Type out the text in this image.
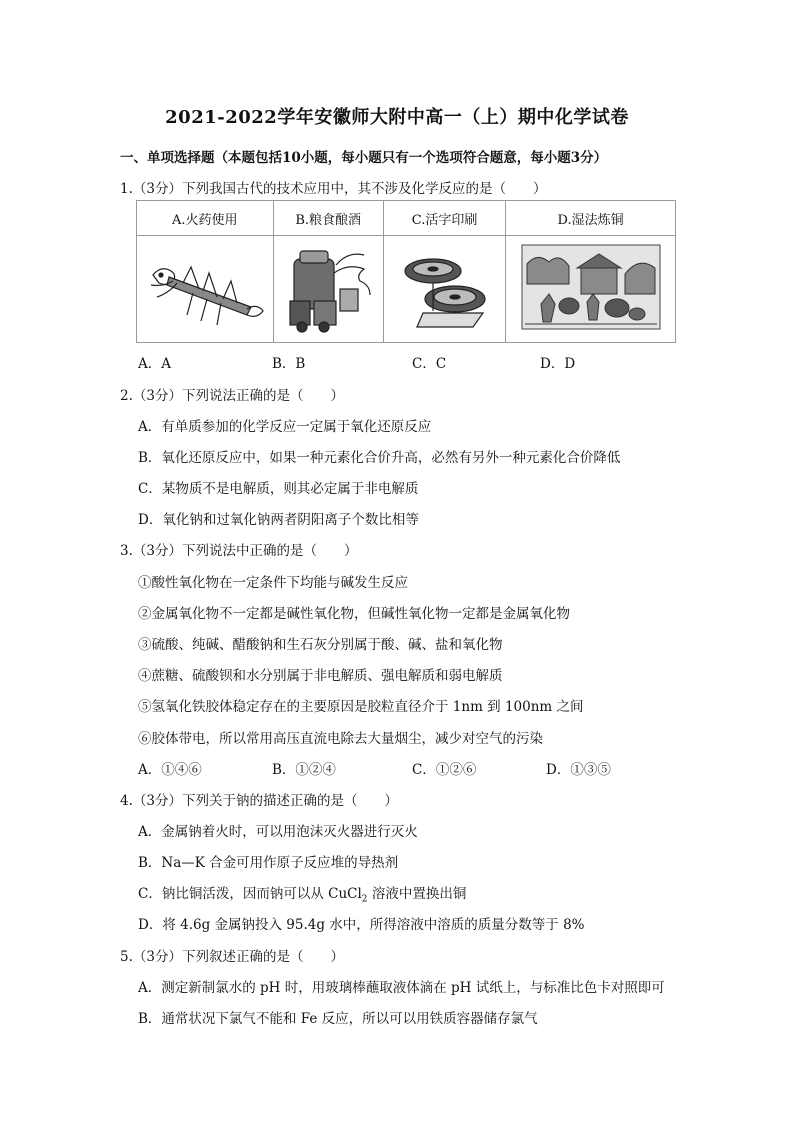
2021-2022学年安徽师大附中高一（上）期中化学试卷
一、单项选择题（本题包括10小题，每小题只有一个选项符合题意，每小题3分）
1.（3分）下列我国古代的技术应用中，其不涉及化学反应的是（　　）
A.火药使用	B.粮食酿酒	C.活字印刷	D.湿法炼铜

A．A	B．B	C．C	D．D
2.（3分）下列说法正确的是（　　）
A．有单质参加的化学反应一定属于氧化还原反应
B．氧化还原反应中，如果一种元素化合价升高，必然有另外一种元素化合价降低
C．某物质不是电解质，则其必定属于非电解质
D．氧化钠和过氧化钠两者阴阳离子个数比相等
3.（3分）下列说法中正确的是（　　）
①酸性氧化物在一定条件下均能与碱发生反应
②金属氧化物不一定都是碱性氧化物，但碱性氧化物一定都是金属氧化物
③硫酸、纯碱、醋酸钠和生石灰分别属于酸、碱、盐和氧化物
④蔗糖、硫酸钡和水分别属于非电解质、强电解质和弱电解质
⑤氢氧化铁胶体稳定存在的主要原因是胶粒直径介于 1nm 到 100nm 之间
⑥胶体带电，所以常用高压直流电除去大量烟尘，减少对空气的污染
A．①④⑥	B．①②④	C．①②⑥	D．①③⑤
4.（3分）下列关于钠的描述正确的是（　　）
A．金属钠着火时，可以用泡沫灭火器进行灭火
B．Na—K 合金可用作原子反应堆的导热剂
C．钠比铜活泼，因而钠可以从 CuCl$_2$ 溶液中置换出铜
D．将 4.6g 金属钠投入 95.4g 水中，所得溶液中溶质的质量分数等于 8%
5.（3分）下列叙述正确的是（　　）
A．测定新制氯水的 pH 时，用玻璃棒蘸取液体滴在 pH 试纸上，与标准比色卡对照即可
B．通常状况下氯气不能和 Fe 反应，所以可以用铁质容器储存氯气
